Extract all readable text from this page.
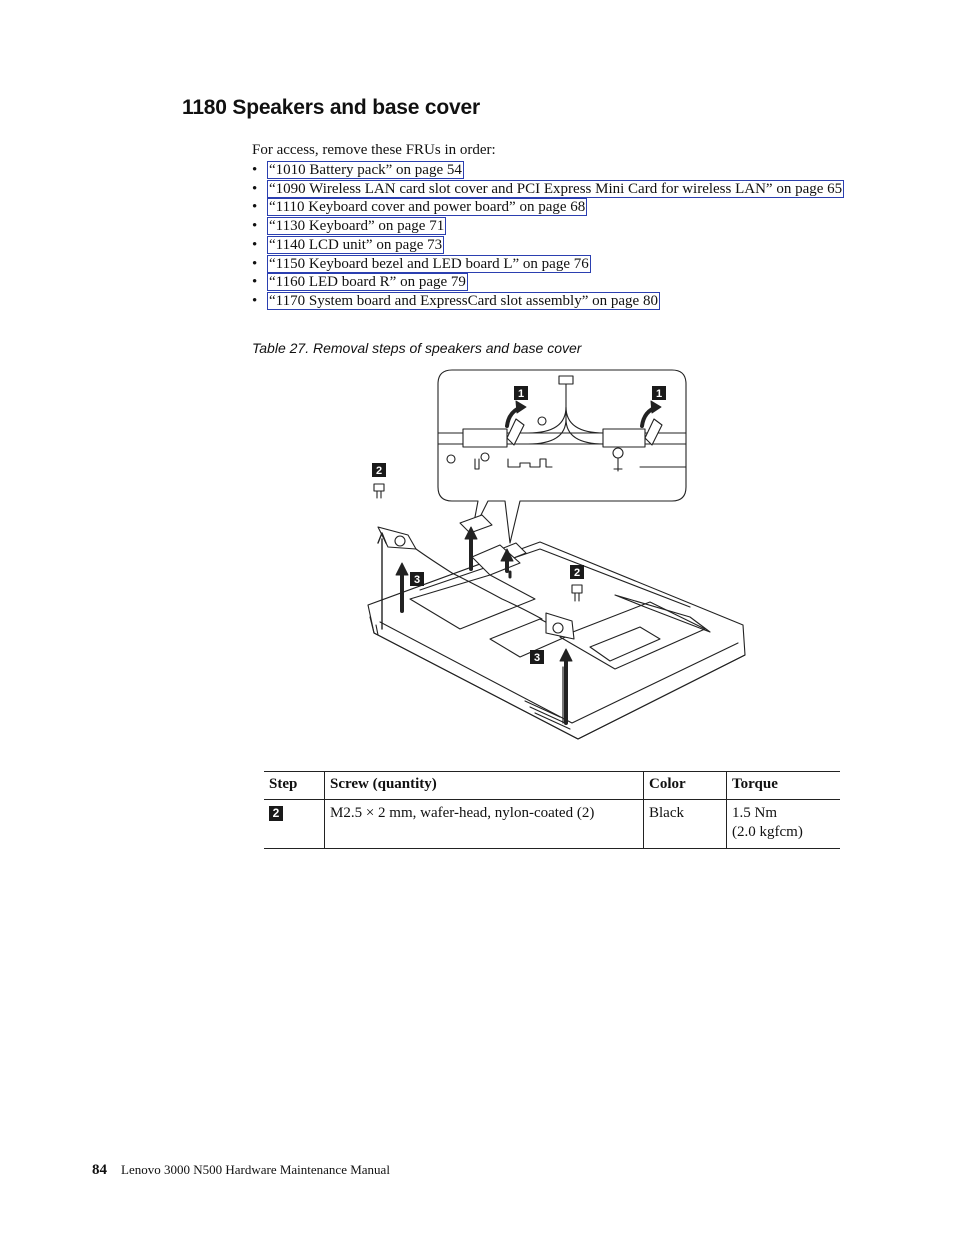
1180 Speakers and base cover
For access, remove these FRUs in order:
• “1010 Battery pack” on page 54
• “1090 Wireless LAN card slot cover and PCI Express Mini Card for wireless LAN” on page 65
• “1110 Keyboard cover and power board” on page 68
• “1130 Keyboard” on page 71
• “1140 LCD unit” on page 73
• “1150 Keyboard bezel and LED board L” on page 76
• “1160 LED board R” on page 79
• “1170 System board and ExpressCard slot assembly” on page 80
Table 27. Removal steps of speakers and base cover
1	1
2
2
3
3
Step	Screw (quantity)	Color	Torque
2	M2.5 × 2 mm, wafer-head, nylon-coated (2)	Black	1.5 Nm
(2.0 kgfcm)
84 Lenovo 3000 N500 Hardware Maintenance Manual
